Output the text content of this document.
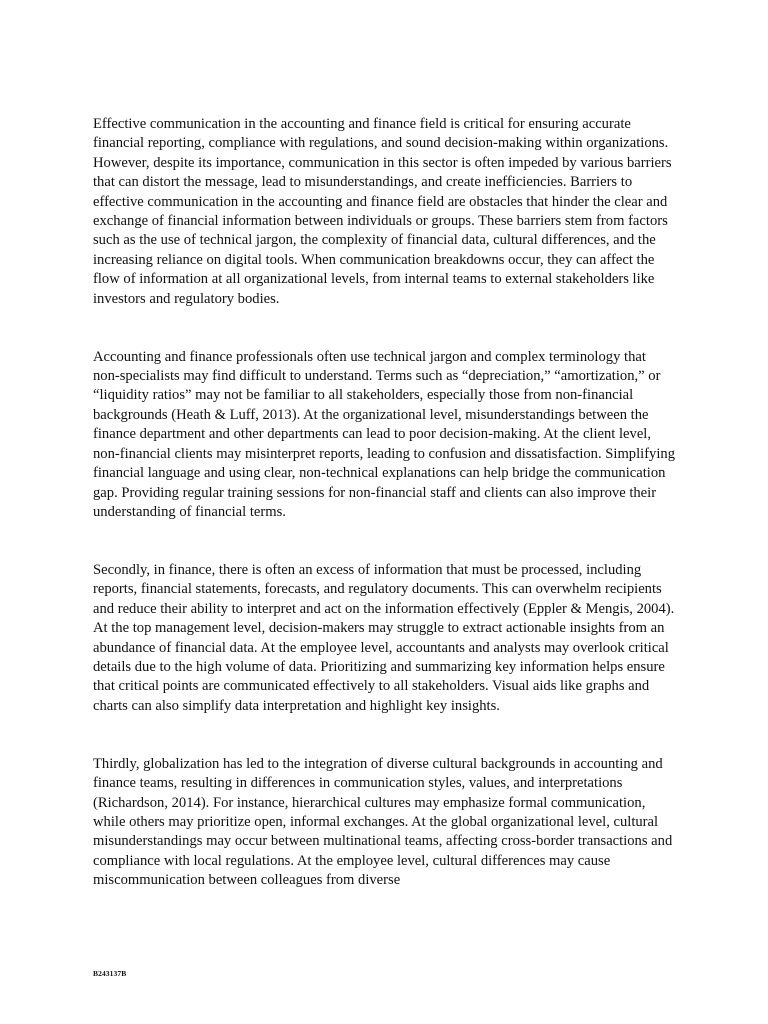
Effective communication in the accounting and finance field is critical for ensuring accurate financial reporting, compliance with regulations, and sound decision-making within organizations. However, despite its importance, communication in this sector is often impeded by various barriers that can distort the message, lead to misunderstandings, and create inefficiencies. Barriers to effective communication in the accounting and finance field are obstacles that hinder the clear and exchange of financial information between individuals or groups. These barriers stem from factors such as the use of technical jargon, the complexity of financial data, cultural differences, and the increasing reliance on digital tools. When communication breakdowns occur, they can affect the flow of information at all organizational levels, from internal teams to external stakeholders like investors and regulatory bodies.

Accounting and finance professionals often use technical jargon and complex terminology that non-specialists may find difficult to understand. Terms such as “depreciation,” “amortization,” or “liquidity ratios” may not be familiar to all stakeholders, especially those from non-financial backgrounds (Heath & Luff, 2013). At the organizational level, misunderstandings between the finance department and other departments can lead to poor decision-making. At the client level, non-financial clients may misinterpret reports, leading to confusion and dissatisfaction. Simplifying financial language and using clear, non-technical explanations can help bridge the communication gap. Providing regular training sessions for non-financial staff and clients can also improve their understanding of financial terms.

Secondly, in finance, there is often an excess of information that must be processed, including reports, financial statements, forecasts, and regulatory documents. This can overwhelm recipients and reduce their ability to interpret and act on the information effectively (Eppler & Mengis, 2004). At the top management level, decision-makers may struggle to extract actionable insights from an abundance of financial data. At the employee level, accountants and analysts may overlook critical details due to the high volume of data. Prioritizing and summarizing key information helps ensure that critical points are communicated effectively to all stakeholders. Visual aids like graphs and charts can also simplify data interpretation and highlight key insights.

Thirdly, globalization has led to the integration of diverse cultural backgrounds in accounting and finance teams, resulting in differences in communication styles, values, and interpretations (Richardson, 2014). For instance, hierarchical cultures may emphasize formal communication, while others may prioritize open, informal exchanges. At the global organizational level, cultural misunderstandings may occur between multinational teams, affecting cross-border transactions and compliance with local regulations. At the employee level, cultural differences may cause miscommunication between colleagues from diverse

B243137B
